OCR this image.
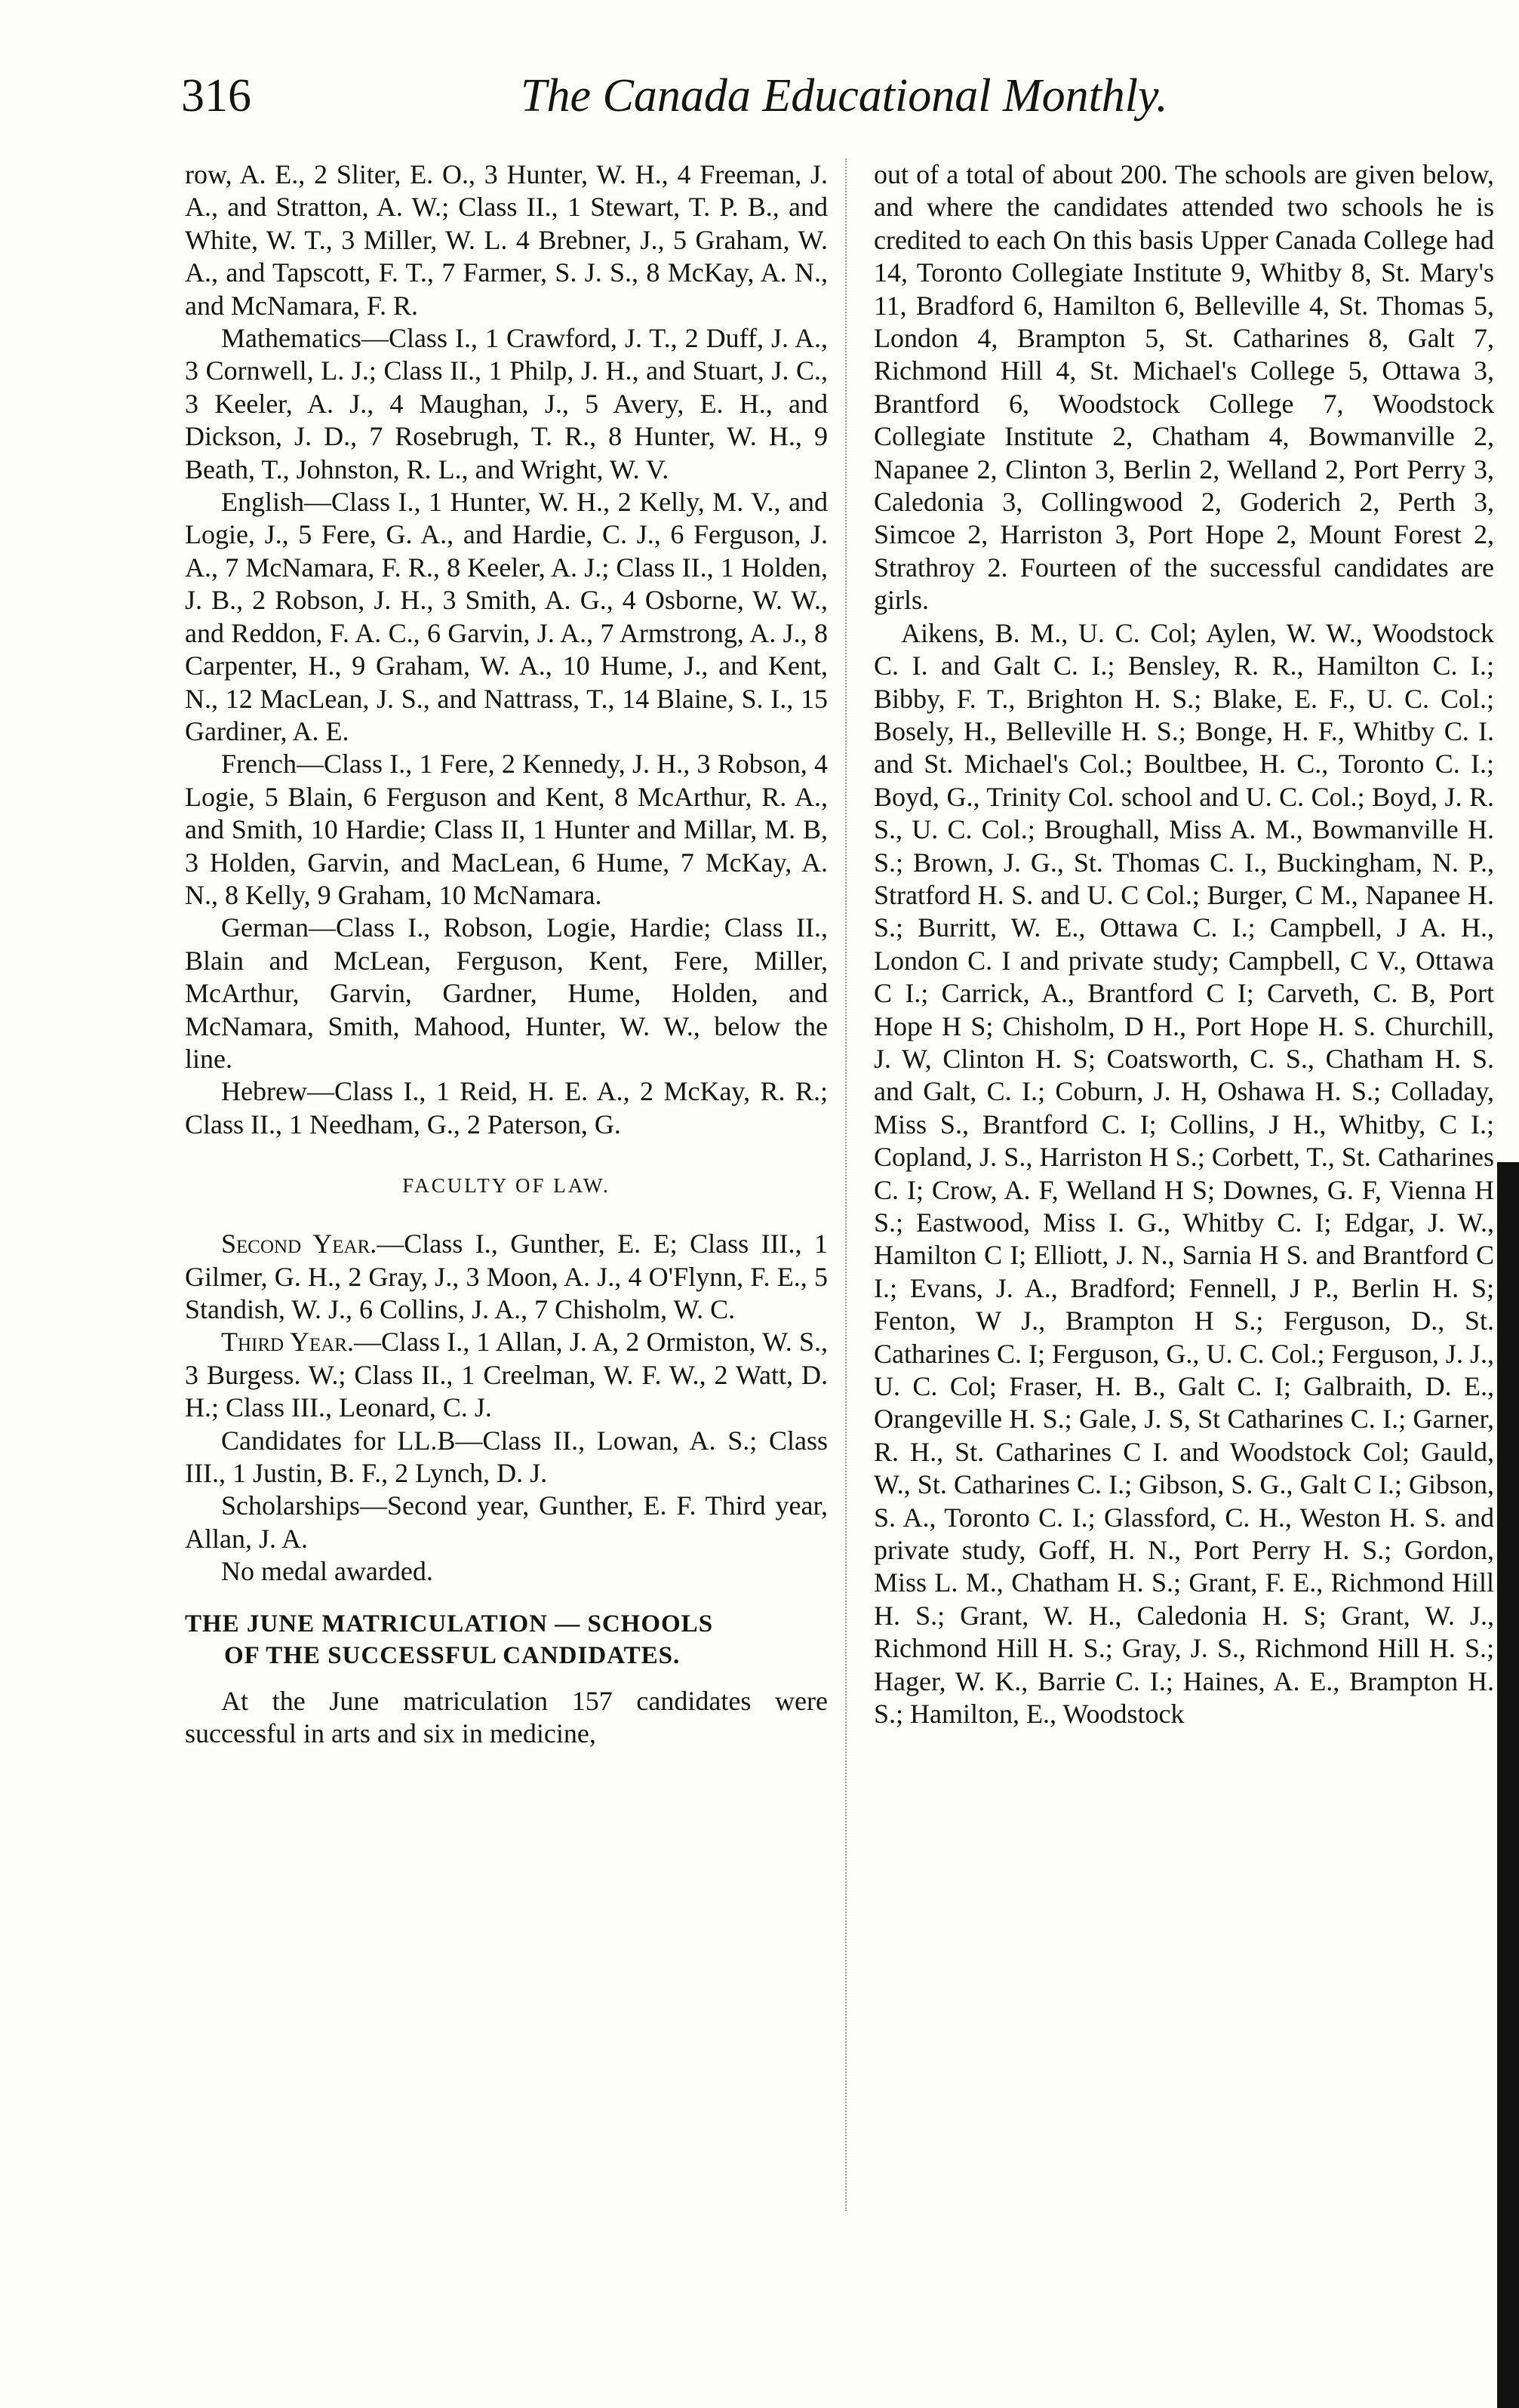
316	The Canada Educational Monthly.

row, A. E., 2 Sliter, E. O., 3 Hunter, W. H., 4 Freeman, J. A., and Stratton, A. W.; Class II., 1 Stewart, T. P. B., and White, W. T., 3 Miller, W. L. 4 Brebner, J., 5 Graham, W. A., and Tapscott, F. T., 7 Farmer, S. J. S., 8 McKay, A. N., and McNamara, F. R.

Mathematics—Class I., 1 Crawford, J. T., 2 Duff, J. A., 3 Cornwell, L. J.; Class II., 1 Philp, J. H., and Stuart, J. C., 3 Keeler, A. J., 4 Maughan, J., 5 Avery, E. H., and Dickson, J. D., 7 Rosebrugh, T. R., 8 Hunter, W. H., 9 Beath, T., Johnston, R. L., and Wright, W. V.

English—Class I., 1 Hunter, W. H., 2 Kelly, M. V., and Logie, J., 5 Fere, G. A., and Hardie, C. J., 6 Ferguson, J. A., 7 McNamara, F. R., 8 Keeler, A. J.; Class II., 1 Holden, J. B., 2 Robson, J. H., 3 Smith, A. G., 4 Osborne, W. W., and Reddon, F. A. C., 6 Garvin, J. A., 7 Armstrong, A. J., 8 Carpenter, H., 9 Graham, W. A., 10 Hume, J., and Kent, N., 12 MacLean, J. S., and Nattrass, T., 14 Blaine, S. I., 15 Gardiner, A. E.

French—Class I., 1 Fere, 2 Kennedy, J. H., 3 Robson, 4 Logie, 5 Blain, 6 Ferguson and Kent, 8 McArthur, R. A., and Smith, 10 Hardie; Class II, 1 Hunter and Millar, M. B, 3 Holden, Garvin, and MacLean, 6 Hume, 7 McKay, A. N., 8 Kelly, 9 Graham, 10 McNamara.

German—Class I., Robson, Logie, Hardie; Class II., Blain and McLean, Ferguson, Kent, Fere, Miller, McArthur, Garvin, Gardner, Hume, Holden, and McNamara, Smith, Mahood, Hunter, W. W., below the line.

Hebrew—Class I., 1 Reid, H. E. A., 2 McKay, R. R.; Class II., 1 Needham, G., 2 Paterson, G.

FACULTY OF LAW.

Second Year.—Class I., Gunther, E. E; Class III., 1 Gilmer, G. H., 2 Gray, J., 3 Moon, A. J., 4 O'Flynn, F. E., 5 Standish, W. J., 6 Collins, J. A., 7 Chisholm, W. C.

Third Year.—Class I., 1 Allan, J. A, 2 Ormiston, W. S., 3 Burgess. W.; Class II., 1 Creelman, W. F. W., 2 Watt, D. H.; Class III., Leonard, C. J.

Candidates for LL.B—Class II., Lowan, A. S.; Class III., 1 Justin, B. F., 2 Lynch, D. J.

Scholarships—Second year, Gunther, E. F. Third year, Allan, J. A.

No medal awarded.

THE JUNE MATRICULATION — SCHOOLS
OF THE SUCCESSFUL CANDIDATES.

At the June matriculation 157 candidates were successful in arts and six in medicine,

out of a total of about 200. The schools are given below, and where the candidates attended two schools he is credited to each On this basis Upper Canada College had 14, Toronto Collegiate Institute 9, Whitby 8, St. Mary's 11, Bradford 6, Hamilton 6, Belleville 4, St. Thomas 5, London 4, Brampton 5, St. Catharines 8, Galt 7, Richmond Hill 4, St. Michael's College 5, Ottawa 3, Brantford 6, Woodstock College 7, Woodstock Collegiate Institute 2, Chatham 4, Bowmanville 2, Napanee 2, Clinton 3, Berlin 2, Welland 2, Port Perry 3, Caledonia 3, Collingwood 2, Goderich 2, Perth 3, Simcoe 2, Harriston 3, Port Hope 2, Mount Forest 2, Strathroy 2. Fourteen of the successful candidates are girls.

Aikens, B. M., U. C. Col; Aylen, W. W., Woodstock C. I. and Galt C. I.; Bensley, R. R., Hamilton C. I.; Bibby, F. T., Brighton H. S.; Blake, E. F., U. C. Col.; Bosely, H., Belleville H. S.; Bonge, H. F., Whitby C. I. and St. Michael's Col.; Boultbee, H. C., Toronto C. I.; Boyd, G., Trinity Col. school and U. C. Col.; Boyd, J. R. S., U. C. Col.; Broughall, Miss A. M., Bowmanville H. S.; Brown, J. G., St. Thomas C. I., Buckingham, N. P., Stratford H. S. and U. C Col.; Burger, C M., Napanee H. S.; Burritt, W. E., Ottawa C. I.; Campbell, J A. H., London C. I and private study; Campbell, C V., Ottawa C I.; Carrick, A., Brantford C I; Carveth, C. B, Port Hope H S; Chisholm, D H., Port Hope H. S. Churchill, J. W, Clinton H. S; Coatsworth, C. S., Chatham H. S. and Galt, C. I.; Coburn, J. H, Oshawa H. S.; Colladay, Miss S., Brantford C. I; Collins, J H., Whitby, C I.; Copland, J. S., Harriston H S.; Corbett, T., St. Catharines C. I; Crow, A. F, Welland H S; Downes, G. F, Vienna H S.; Eastwood, Miss I. G., Whitby C. I; Edgar, J. W., Hamilton C I; Elliott, J. N., Sarnia H S. and Brantford C I.; Evans, J. A., Bradford; Fennell, J P., Berlin H. S; Fenton, W J., Brampton H S.; Ferguson, D., St. Catharines C. I; Ferguson, G., U. C. Col.; Ferguson, J. J., U. C. Col; Fraser, H. B., Galt C. I; Galbraith, D. E., Orangeville H. S.; Gale, J. S, St Catharines C. I.; Garner, R. H., St. Catharines C I. and Woodstock Col; Gauld, W., St. Catharines C. I.; Gibson, S. G., Galt C I.; Gibson, S. A., Toronto C. I.; Glassford, C. H., Weston H. S. and private study, Goff, H. N., Port Perry H. S.; Gordon, Miss L. M., Chatham H. S.; Grant, F. E., Richmond Hill H. S.; Grant, W. H., Caledonia H. S; Grant, W. J., Richmond Hill H. S.; Gray, J. S., Richmond Hill H. S.; Hager, W. K., Barrie C. I.; Haines, A. E., Brampton H. S.; Hamilton, E., Woodstock
